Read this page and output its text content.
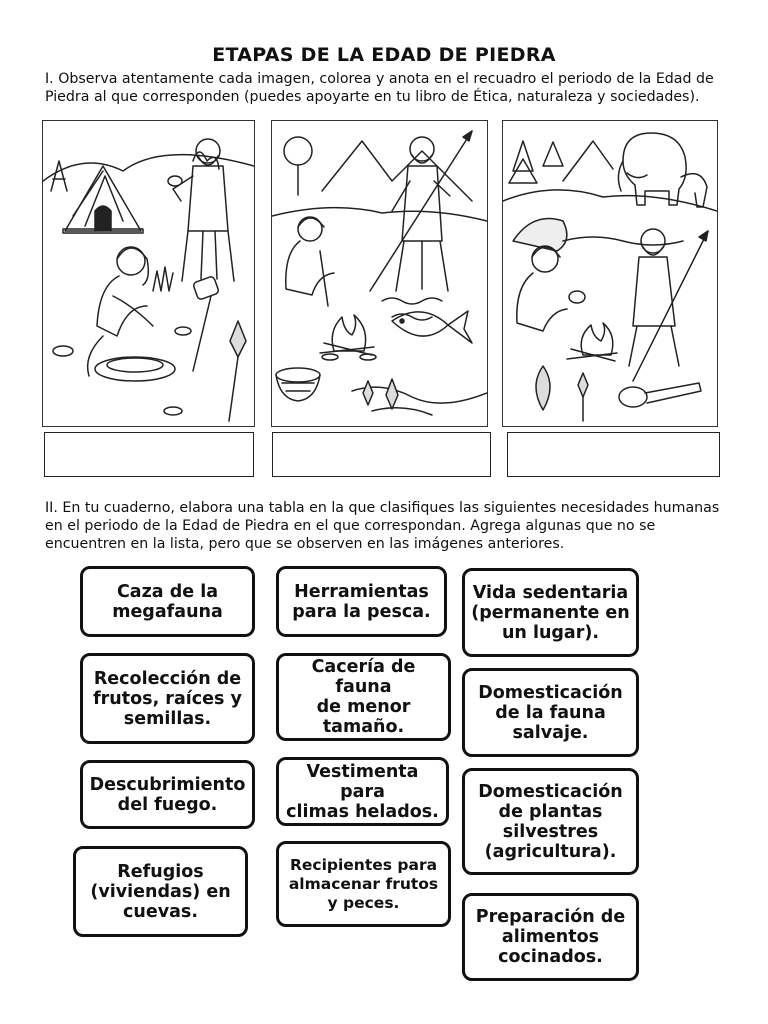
ETAPAS DE LA EDAD DE PIEDRA

I. Observa atentamente cada imagen, colorea y anota en el recuadro el periodo de la Edad de Piedra al que corresponden (puedes apoyarte en tu libro de Ética, naturaleza y sociedades).

II. En tu cuaderno, elabora una tabla en la que clasifiques las siguientes necesidades humanas en el periodo de la Edad de Piedra en el que correspondan. Agrega algunas que no se encuentren en la lista, pero que se observen en las imágenes anteriores.

Caza de la
megafauna
Recolección de
frutos, raíces y
semillas.
Descubrimiento
del fuego.
Refugios
(viviendas) en
cuevas.
Herramientas
para la pesca.
Cacería de fauna
de menor
tamaño.
Vestimenta para
climas helados.
Recipientes para
almacenar frutos
y peces.
Vida sedentaria
(permanente en
un lugar).
Domesticación
de la fauna
salvaje.
Domesticación
de plantas
silvestres
(agricultura).
Preparación de
alimentos
cocinados.
